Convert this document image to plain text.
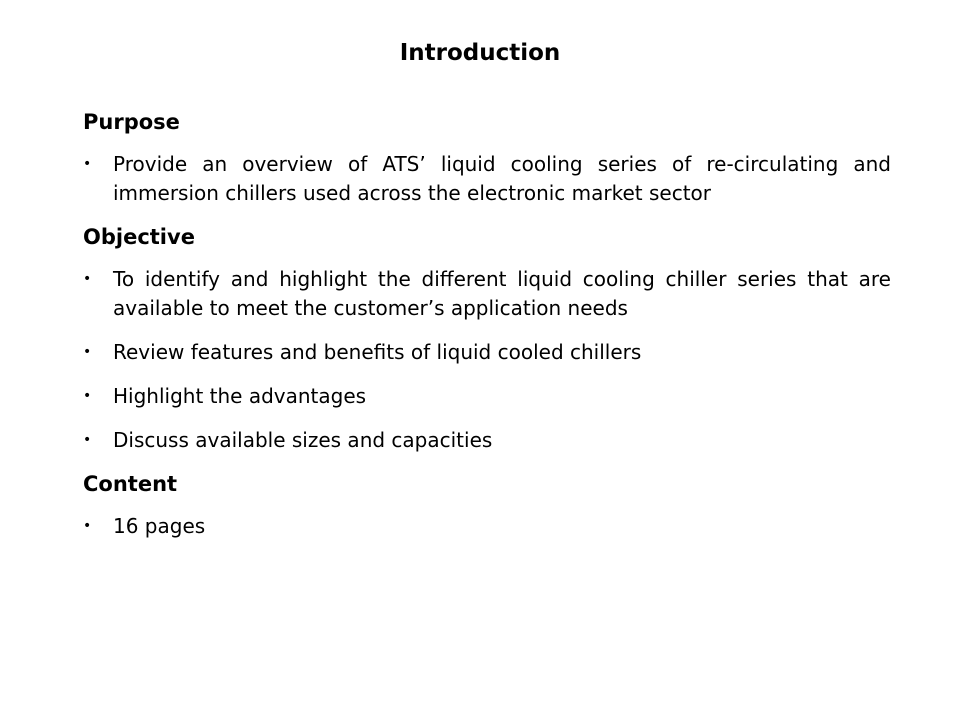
Introduction
Purpose
• Provide an overview of ATS’ liquid cooling series of re-circulating and immersion chillers used across the electronic market sector
Objective
• To identify and highlight the different liquid cooling chiller series that are available to meet the customer’s application needs
• Review features and benefits of liquid cooled chillers
• Highlight the advantages
• Discuss available sizes and capacities
Content
• 16 pages
